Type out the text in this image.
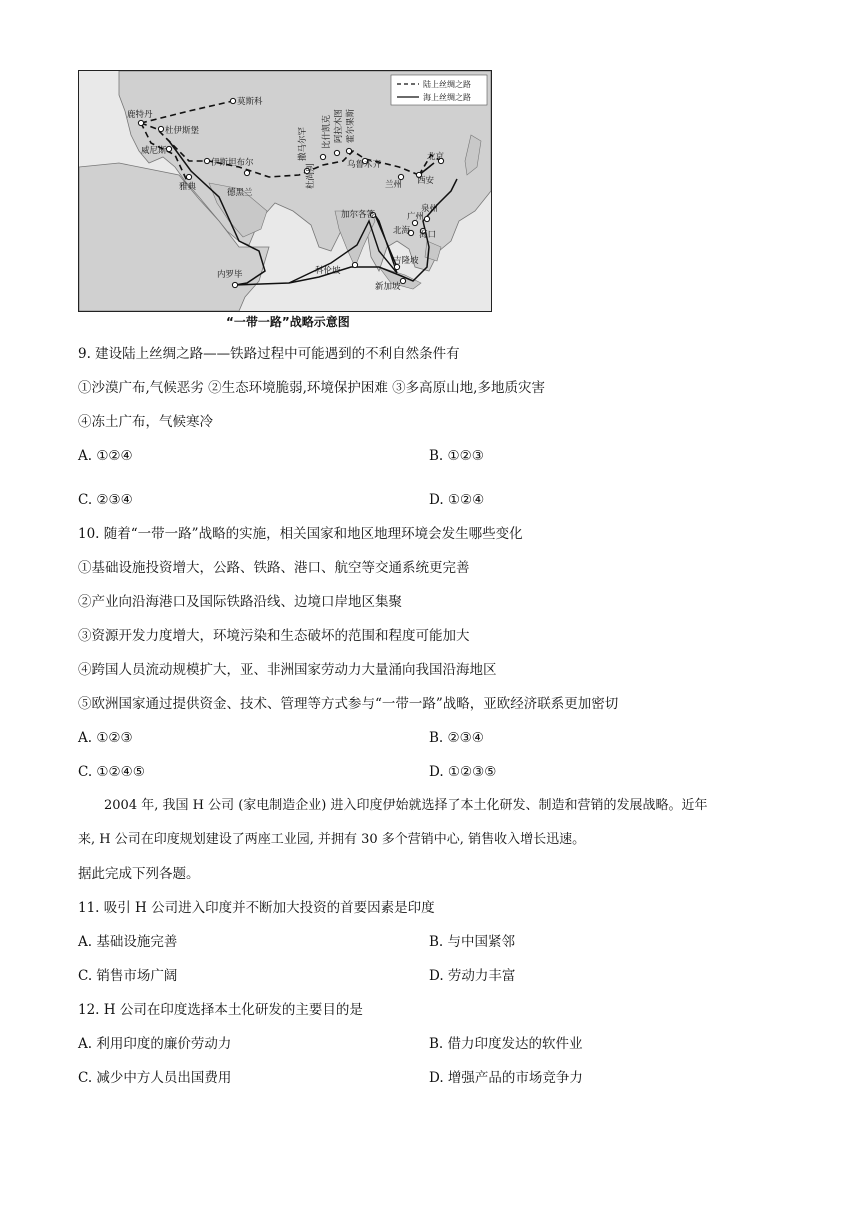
莫斯科
鹿特丹
杜伊斯堡
威尼斯
雅典
伊斯坦布尔
德黑兰
杜尚别
撒马尔罕 比什凯克 阿拉木图 霍尔果斯
乌鲁木齐
兰州 西安
北京
泉州
广州
北海 海口
加尔各答
科伦坡
吉隆坡
新加坡
内罗毕
陆上丝绸之路
海上丝绸之路
“一带一路”战略示意图
9. 建设陆上丝绸之路——铁路过程中可能遇到的不利自然条件有
①沙漠广布,气候恶劣 ②生态环境脆弱,环境保护困难 ③多高原山地,多地质灾害
④冻土广布，气候寒冷
A. ①②④	B. ①②③
C. ②③④	D. ①②④
10. 随着“一带一路”战略的实施，相关国家和地区地理环境会发生哪些变化
①基础设施投资增大，公路、铁路、港口、航空等交通系统更完善
②产业向沿海港口及国际铁路沿线、边境口岸地区集聚
③资源开发力度增大，环境污染和生态破坏的范围和程度可能加大
④跨国人员流动规模扩大，亚、非洲国家劳动力大量涌向我国沿海地区
⑤欧洲国家通过提供资金、技术、管理等方式参与“一带一路”战略，亚欧经济联系更加密切
A. ①②③	B. ②③④
C. ①②④⑤	D. ①②③⑤
2004 年, 我国 H 公司 (家电制造企业) 进入印度伊始就选择了本土化研发、制造和营销的发展战略。近年
来, H 公司在印度规划建设了两座工业园, 并拥有 30 多个营销中心, 销售收入增长迅速。
据此完成下列各题。
11. 吸引 H 公司进入印度并不断加大投资的首要因素是印度
A. 基础设施完善	B. 与中国紧邻
C. 销售市场广阔	D. 劳动力丰富
12. H 公司在印度选择本土化研发的主要目的是
A. 利用印度的廉价劳动力	B. 借力印度发达的软件业
C. 减少中方人员出国费用	D. 增强产品的市场竞争力
